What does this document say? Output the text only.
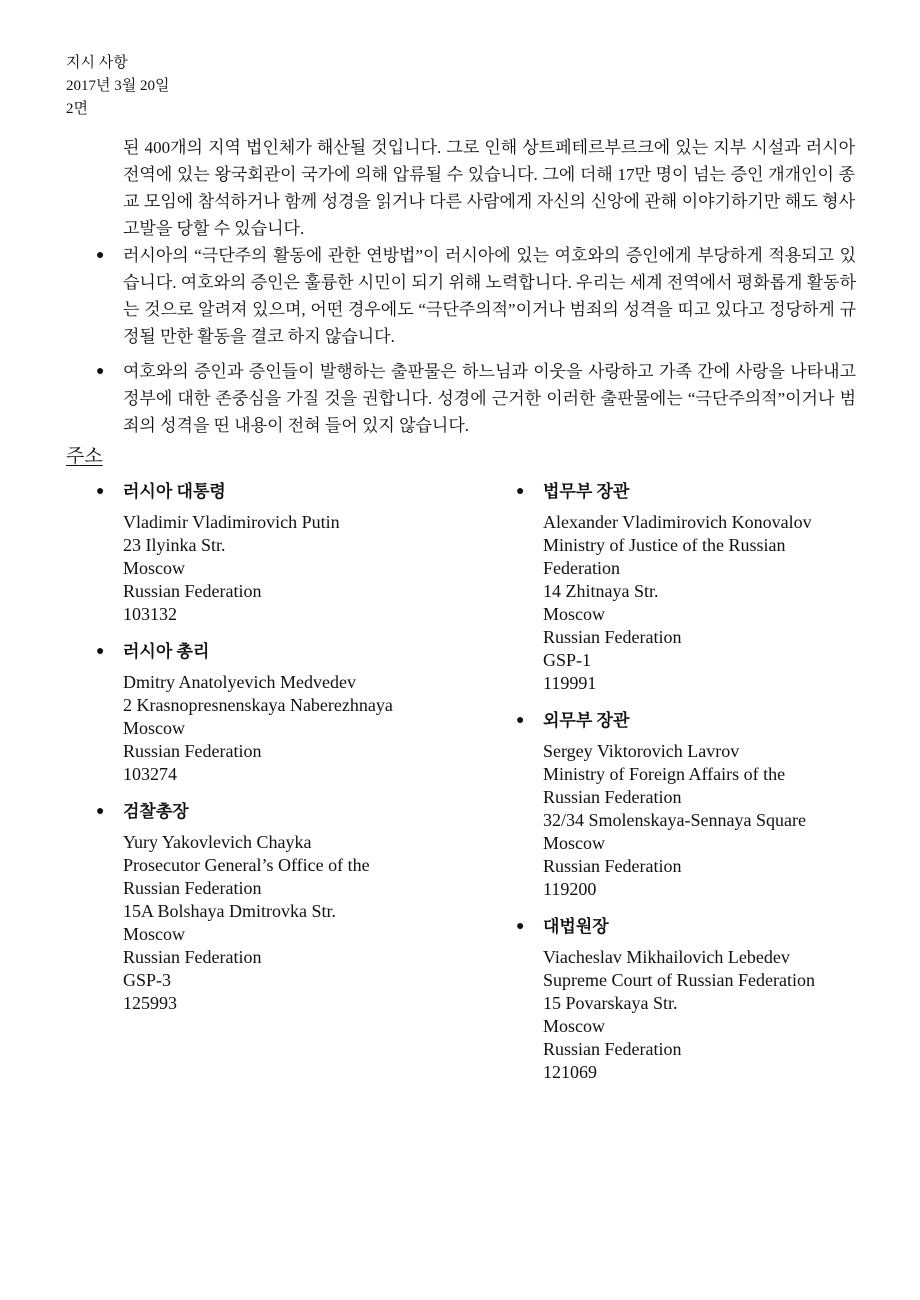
지시 사항
2017년 3월 20일
2면

된 400개의 지역 법인체가 해산될 것입니다. 그로 인해 상트페테르부르크에 있는 지부 시설과 러시아 전역에 있는 왕국회관이 국가에 의해 압류될 수 있습니다. 그에 더해 17만 명이 넘는 증인 개개인이 종교 모임에 참석하거나 함께 성경을 읽거나 다른 사람에게 자신의 신앙에 관해 이야기하기만 해도 형사 고발을 당할 수 있습니다.

● 러시아의 “극단주의 활동에 관한 연방법”이 러시아에 있는 여호와의 증인에게 부당하게 적용되고 있습니다. 여호와의 증인은 훌륭한 시민이 되기 위해 노력합니다. 우리는 세계 전역에서 평화롭게 활동하는 것으로 알려져 있으며, 어떤 경우에도 “극단주의적”이거나 범죄의 성격을 띠고 있다고 정당하게 규정될 만한 활동을 결코 하지 않습니다.
● 여호와의 증인과 증인들이 발행하는 출판물은 하느님과 이웃을 사랑하고 가족 간에 사랑을 나타내고 정부에 대한 존중심을 가질 것을 권합니다. 성경에 근거한 이러한 출판물에는 “극단주의적”이거나 범죄의 성격을 띤 내용이 전혀 들어 있지 않습니다.
주소
● 러시아 대통령
Vladimir Vladimirovich Putin
23 Ilyinka Str.
Moscow
Russian Federation
103132
● 러시아 총리
Dmitry Anatolyevich Medvedev
2 Krasnopresnenskaya Naberezhnaya
Moscow
Russian Federation
103274
● 검찰총장
Yury Yakovlevich Chayka
Prosecutor General’s Office of the
Russian Federation
15A Bolshaya Dmitrovka Str.
Moscow
Russian Federation
GSP-3
125993
● 법무부 장관
Alexander Vladimirovich Konovalov
Ministry of Justice of the Russian
Federation
14 Zhitnaya Str.
Moscow
Russian Federation
GSP-1
119991
● 외무부 장관
Sergey Viktorovich Lavrov
Ministry of Foreign Affairs of the
Russian Federation
32/34 Smolenskaya-Sennaya Square
Moscow
Russian Federation
119200
● 대법원장
Viacheslav Mikhailovich Lebedev
Supreme Court of Russian Federation
15 Povarskaya Str.
Moscow
Russian Federation
121069
